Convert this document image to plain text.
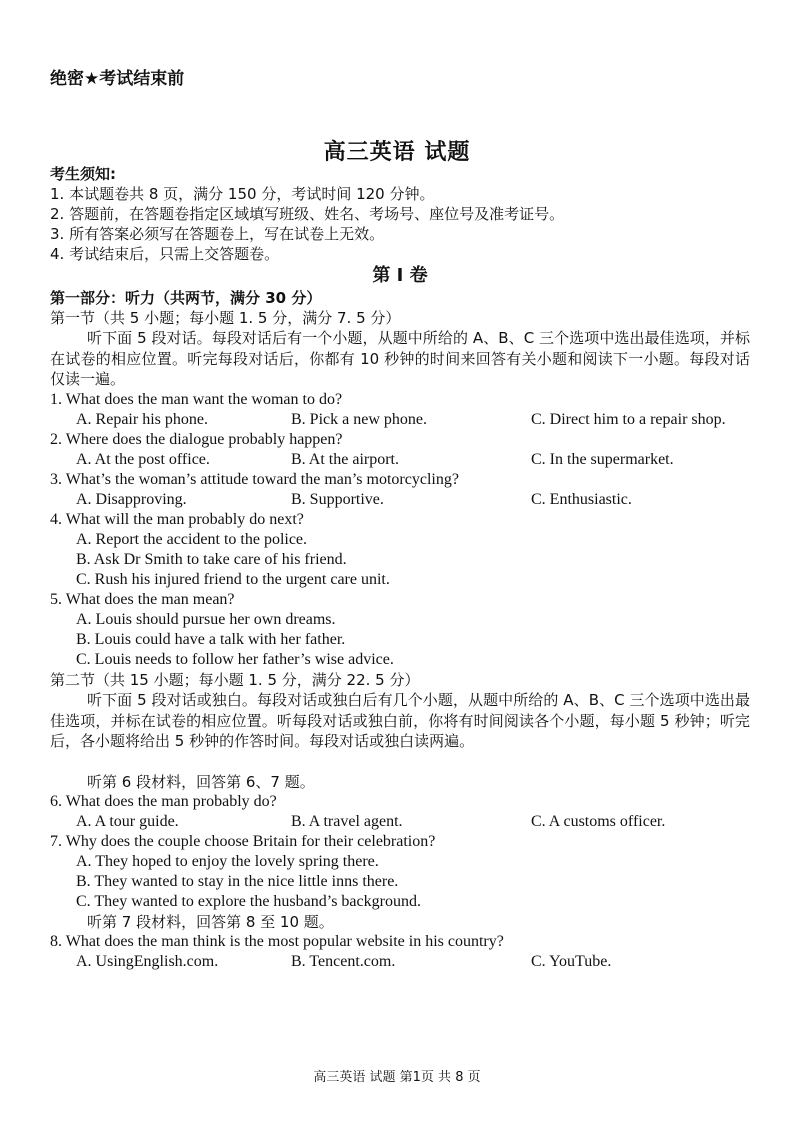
绝密★考试结束前
高三英语 试题
考生须知:
1. 本试题卷共 8 页，满分 150 分，考试时间 120 分钟。
2. 答题前，在答题卷指定区域填写班级、姓名、考场号、座位号及准考证号。
3. 所有答案必须写在答题卷上，写在试卷上无效。
4. 考试结束后，只需上交答题卷。
第 I 卷
第一部分：听力（共两节，满分 30 分）
第一节（共 5 小题；每小题 1. 5 分，满分 7. 5 分）
听下面 5 段对话。每段对话后有一个小题，从题中所给的 A、B、C 三个选项中选出最佳选项，并标在试卷的相应位置。听完每段对话后，你都有 10 秒钟的时间来回答有关小题和阅读下一小题。每段对话仅读一遍。
1. What does the man want the woman to do?
A. Repair his phone.	B. Pick a new phone.	C. Direct him to a repair shop.
2. Where does the dialogue probably happen?
A. At the post office.	B. At the airport.	C. In the supermarket.
3. What’s the woman’s attitude toward the man’s motorcycling?
A. Disapproving.	B. Supportive.	C. Enthusiastic.
4. What will the man probably do next?
A. Report the accident to the police.
B. Ask Dr Smith to take care of his friend.
C. Rush his injured friend to the urgent care unit.
5. What does the man mean?
A. Louis should pursue her own dreams.
B. Louis could have a talk with her father.
C. Louis needs to follow her father’s wise advice.
第二节（共 15 小题；每小题 1. 5 分，满分 22. 5 分）
听下面 5 段对话或独白。每段对话或独白后有几个小题，从题中所给的 A、B、C 三个选项中选出最佳选项，并标在试卷的相应位置。听每段对话或独白前，你将有时间阅读各个小题，每小题 5 秒钟；听完后，各小题将给出 5 秒钟的作答时间。每段对话或独白读两遍。
听第 6 段材料，回答第 6、7 题。
6. What does the man probably do?
A. A tour guide.	B. A travel agent.	C. A customs officer.
7. Why does the couple choose Britain for their celebration?
A. They hoped to enjoy the lovely spring there.
B. They wanted to stay in the nice little inns there.
C. They wanted to explore the husband’s background.
听第 7 段材料，回答第 8 至 10 题。
8. What does the man think is the most popular website in his country?
A. UsingEnglish.com.	B. Tencent.com.	C. YouTube.
高三英语 试题 第1页 共 8 页
